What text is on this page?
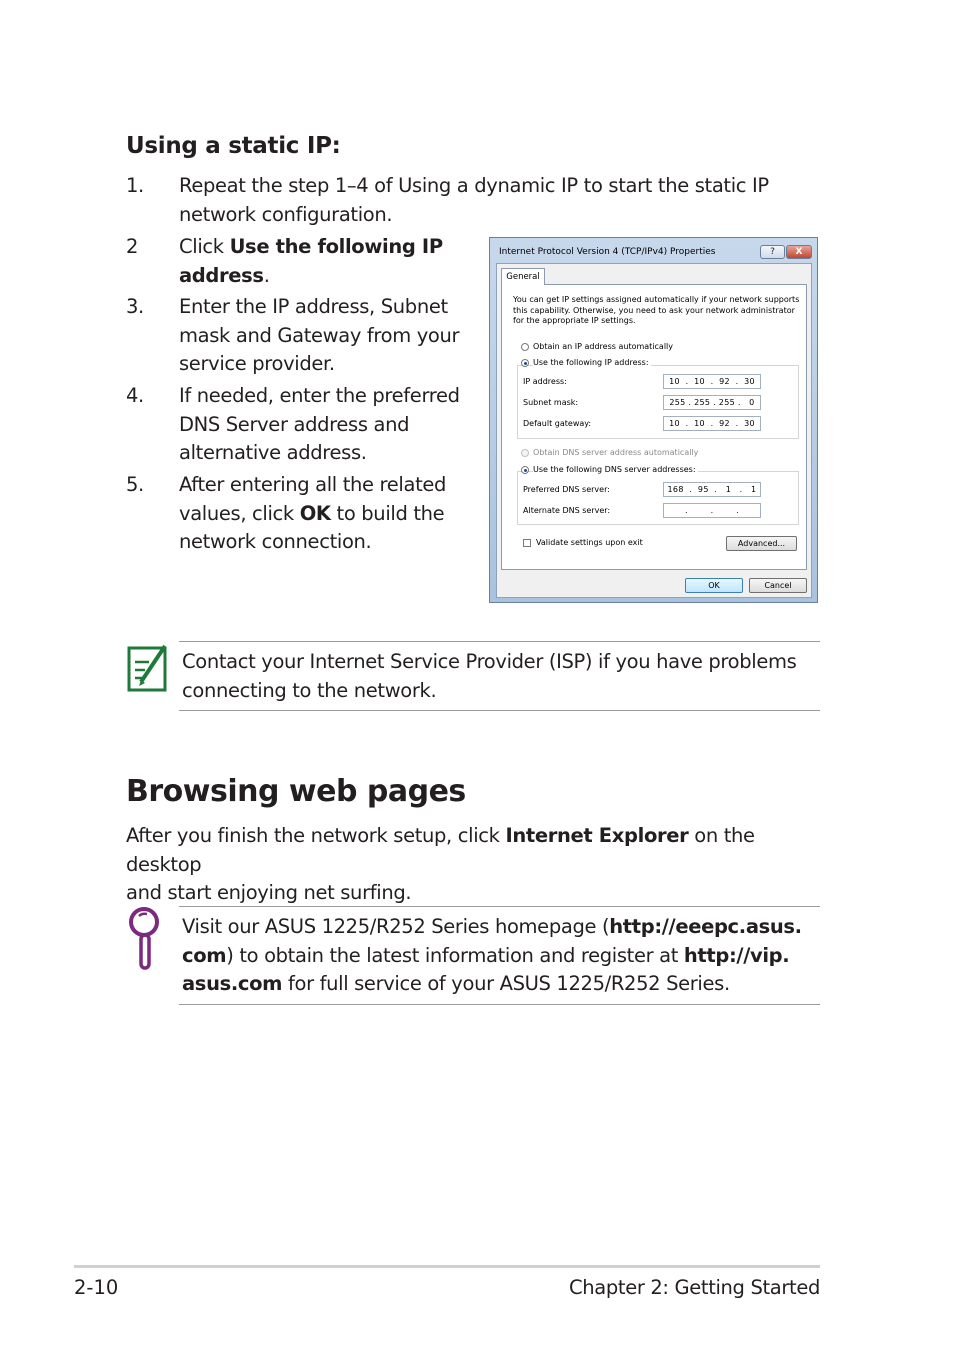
Using a static IP:
1. Repeat the step 1–4 of Using a dynamic IP to start the static IP
network configuration.
2 Click Use the following IP
address.
3. Enter the IP address, Subnet
mask and Gateway from your
service provider.
4. If needed, enter the preferred
DNS Server address and
alternative address.
5. After entering all the related
values, click OK to build the
network connection.
Internet Protocol Version 4 (TCP/IPv4) Properties	?	X
General
You can get IP settings assigned automatically if your network supports
this capability. Otherwise, you need to ask your network administrator
for the appropriate IP settings.
Obtain an IP address automatically
Use the following IP address:
IP address:	10  .  10  .  92  .  30
Subnet mask:	255 . 255 . 255 .   0
Default gateway:	10  .  10  .  92  .  30
Obtain DNS server address automatically
Use the following DNS server addresses:
Preferred DNS server:	168  .  95  .   1   .   1
Alternate DNS server:	.        .        .
Validate settings upon exit	Advanced...
OK	Cancel
Contact your Internet Service Provider (ISP) if you have problems
connecting to the network.
Browsing web pages
After you finish the network setup, click Internet Explorer on the desktop
and start enjoying net surfing.
Visit our ASUS 1225/R252 Series homepage (http://eeepc.asus.
com) to obtain the latest information and register at http://vip.
asus.com for full service of your ASUS 1225/R252 Series.
2-10	Chapter 2: Getting Started
